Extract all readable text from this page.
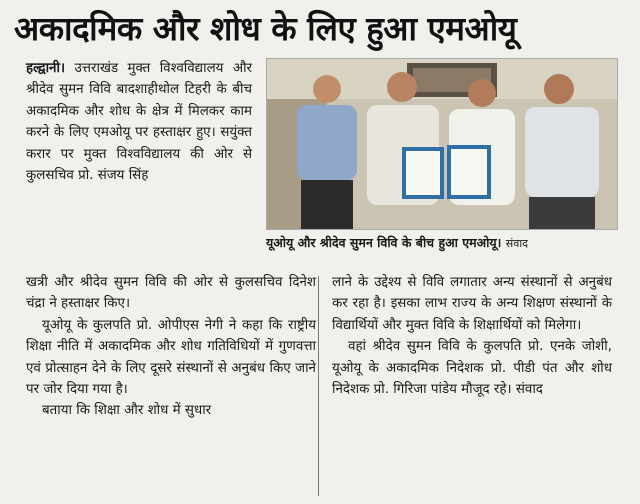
अकादमिक और शोध के लिए हुआ एमओयू

हल्द्वानी। उत्तराखंड मुक्त विश्वविद्यालय और श्रीदेव सुमन विवि बादशाहीथोल टिहरी के बीच अकादमिक और शोध के क्षेत्र में मिलकर काम करने के लिए एमओयू पर हस्ताक्षर हुए। सयुंक्त करार पर मुक्त विश्वविद्यालय की ओर से कुलसचिव प्रो. संजय सिंह

यूओयू और श्रीदेव सुमन विवि के बीच हुआ एमओयू। संवाद

खत्री और श्रीदेव सुमन विवि की ओर से कुलसचिव दिनेश चंद्रा ने हस्ताक्षर किए।

यूओयू के कुलपति प्रो. ओपीएस नेगी ने कहा कि राष्ट्रीय शिक्षा नीति में अकादमिक और शोध गतिविधियों में गुणवत्ता एवं प्रोत्साहन देने के लिए दूसरे संस्थानों से अनुबंध किए जाने पर जोर दिया गया है।

बताया कि शिक्षा और शोध में सुधार

लाने के उद्देश्य से विवि लगातार अन्य संस्थानों से अनुबंध कर रहा है। इसका लाभ राज्य के अन्य शिक्षण संस्थानों के विद्यार्थियों और मुक्त विवि के शिक्षार्थियों को मिलेगा।

वहां श्रीदेव सुमन विवि के कुलपति प्रो. एनके जोशी, यूओयू के अकादमिक निदेशक प्रो. पीडी पंत और शोध निदेशक प्रो. गिरिजा पांडेय मौजूद रहे। संवाद
